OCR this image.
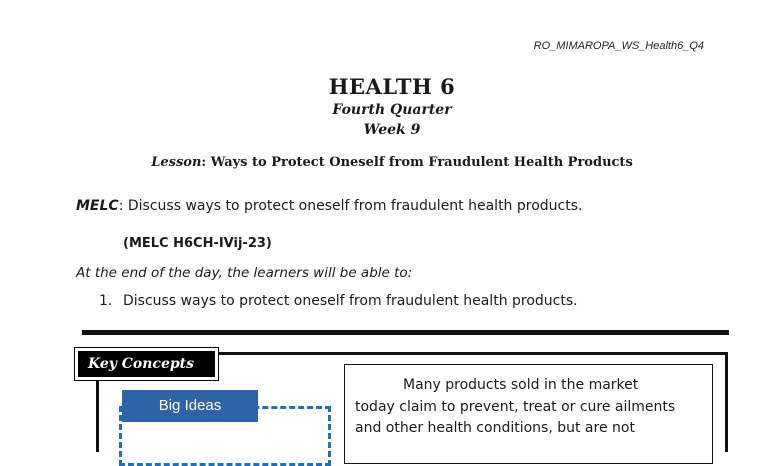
RO_MIMAROPA_WS_Health6_Q4
HEALTH 6
Fourth Quarter
Week 9
Lesson: Ways to Protect Oneself from Fraudulent Health Products
MELC: Discuss ways to protect oneself from fraudulent health products.
(MELC H6CH-IVij-23)
At the end of the day, the learners will be able to:
1. Discuss ways to protect oneself from fraudulent health products.
Key Concepts
Big Ideas
Many products sold in the market
today claim to prevent, treat or cure ailments
and other health conditions, but are not
